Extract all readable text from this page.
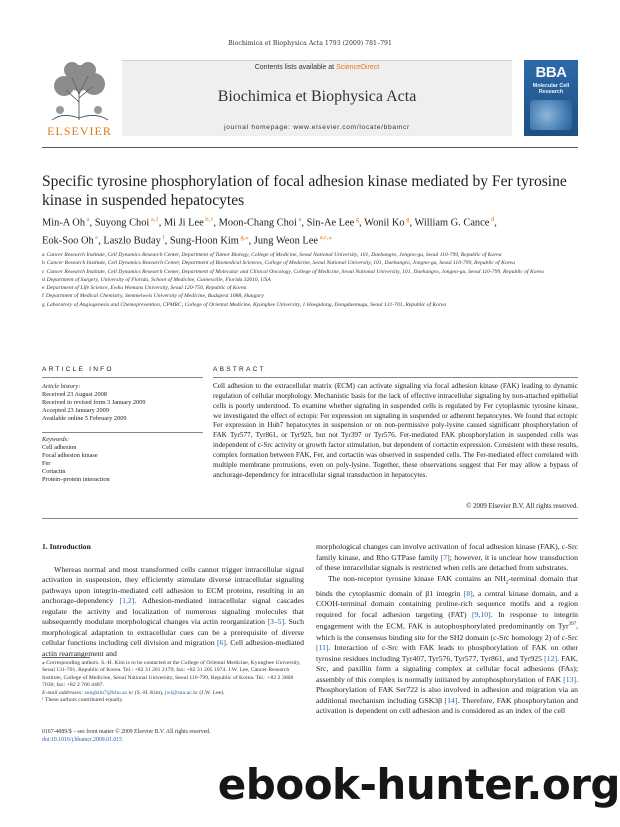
Biochimica et Biophysica Acta 1793 (2009) 781–791
ELSEVIER
Contents lists available at ScienceDirect
Biochimica et Biophysica Acta
journal homepage: www.elsevier.com/locate/bbamcr
BBA
Molecular Cell Research
Specific tyrosine phosphorylation of focal adhesion kinase mediated by Fer tyrosine kinase in suspended hepatocytes
Min-A Oh $^a$, Suyong Choi $^{a,1}$, Mi Ji Lee $^{b,1}$, Moon-Chang Choi $^a$, Sin-Ae Lee $^g$, Wonil Ko $^g$, William G. Cance $^d$,
Eok-Soo Oh $^e$, Laszlo Buday $^f$, Sung-Hoon Kim $^{g,⁎}$, Jung Weon Lee $^{a,c,⁎}$
a Cancer Research Institute, Cell Dynamics Research Center, Department of Tumor Biology, College of Medicine, Seoul National University, 101, Daehangro, Jongno-gu, Seoul 110-799, Republic of Korea
b Cancer Research Institute, Cell Dynamics Research Center, Department of Biomedical Sciences, College of Medicine, Seoul National University, 101, Daehangro, Jongno-gu, Seoul 110-799, Republic of Korea
c Cancer Research Institute, Cell Dynamics Research Center, Department of Molecular and Clinical Oncology, College of Medicine, Seoul National University, 101, Daehangro, Jongno-gu, Seoul 110-799, Republic of Korea
d Department of Surgery, University of Florida, School of Medicine, Gainesville, Florida 32610, USA
e Department of Life Science, Ewha Womans University, Seoul 120-750, Republic of Korea
f Department of Medical Chemistry, Semmelweis University of Medicine, Budapest 1088, Hungary
g Laboratory of Angiogenesis and Chemoprevention, CPMRC, College of Oriental Medicine, Kyunghee University, 1 Hoegidong, Dongdaemugu, Seoul 131-701, Republic of Korea
ARTICLE INFO	ABSTRACT
Article history:
Received 23 August 2008
Received in revised form 3 January 2009
Accepted 23 January 2009
Available online 5 February 2009
Keywords:
Cell adhesion
Focal adhesion kinase
Fer
Cortactin
Protein–protein interaction
Cell adhesion to the extracellular matrix (ECM) can activate signaling via focal adhesion kinase (FAK) leading to dynamic regulation of cellular morphology. Mechanistic basis for the lack of effective intracellular signaling by non-attached epithelial cells is poorly understood. To examine whether signaling in suspended cells is regulated by Fer cytoplasmic tyrosine kinase, we investigated the effect of ectopic Fer expression on signaling in suspended or adherent hepatocytes. We found that ectopic Fer expression in Huh7 hepatocytes in suspension or on non-permissive poly-lysine caused significant phosphorylation of FAK Tyr577, Tyr861, or Tyr925, but not Tyr397 or Tyr576. Fer-mediated FAK phosphorylation in suspended cells was independent of c-Src activity or growth factor stimulation, but dependent of cortactin expression. Consistent with these results, complex formation between FAK, Fer, and cortactin was observed in suspended cells. The Fer-mediated effect correlated with multiple membrane protrusions, even on poly-lysine. Together, these observations suggest that Fer may allow a bypass of anchorage-dependency for intracellular signal transduction in hepatocytes.
© 2009 Elsevier B.V. All rights reserved.
1. Introduction

Whereas normal and most transformed cells cannot trigger intracellular signal activation in suspension, they efficiently stimulate diverse intracellular signaling pathways upon integrin-mediated cell adhesion to ECM proteins, resulting in an anchorage-dependency [1,2]. Adhesion-mediated intracellular signal cascades regulate the activity and localization of numerous signaling molecules that subsequently modulate morphological changes via actin reorganization [3–5]. Such morphological adaptation to extracellular cues can be a prerequisite of diverse cellular functions including cell division and migration [6]. Cell adhesion-mediated actin rearrangement and

morphological changes can involve activation of focal adhesion kinase (FAK), c-Src family kinase, and Rho GTPase family [7]; however, it is unclear how transduction of these intracellular signals is restricted when cells are detached from substrates.

The non-receptor tyrosine kinase FAK contains an $NH_2$-terminal domain that binds the cytoplasmic domain of β1 integrin [8], a central kinase domain, and a COOH-terminal domain containing proline-rich sequence motifs and a region required for focal adhesion targeting (FAT) [9,10]. In response to integrin engagement with the ECM, FAK is autophosphorylated predominantly on Tyr$^{397}$, which is the consensus binding site for the SH2 domain (c-Src homology 2) of c-Src [11]. Interaction of c-Src with FAK leads to phosphorylation of FAK on other tyrosine residues including Tyr407, Tyr576, Tyr577, Tyr861, and Tyr925 [12]. FAK, Src, and paxillin form a signaling complex at cellular focal adhesions (FAs); assembly of this complex is normally initiated by autophosphorylation of FAK [13]. Phosphorylation of FAK Ser722 is also involved in adhesion and migration via an additional mechanism including GSK3β [14]. Therefore, FAK phosphorylation and activation is dependent on cell adhesion and is considered as an index of the cell

⁎ Corresponding authors. S.-H. Kim is to be contacted at the College of Oriental Medicine, Kyunghee University, Seoul 131-701, Republic of Korea. Tel.: +82 31 201 2179; fax: +82 31 205 1074. J.W. Lee, Cancer Research Institute, College of Medicine, Seoul National University, Seoul 110-799, Republic of Korea. Tel.: +82 2 3668 7030; fax: +82 2 766 4487.
E-mail addresses: sungkim7@khu.ac.kr (S.-H. Kim), jwl@snu.ac.kr (J.W. Lee).
¹ These authors contributed equally.
0167-4889/$ – see front matter © 2009 Elsevier B.V. All rights reserved.
doi:10.1016/j.bbamcr.2009.01.015
ebook-hunter.org
